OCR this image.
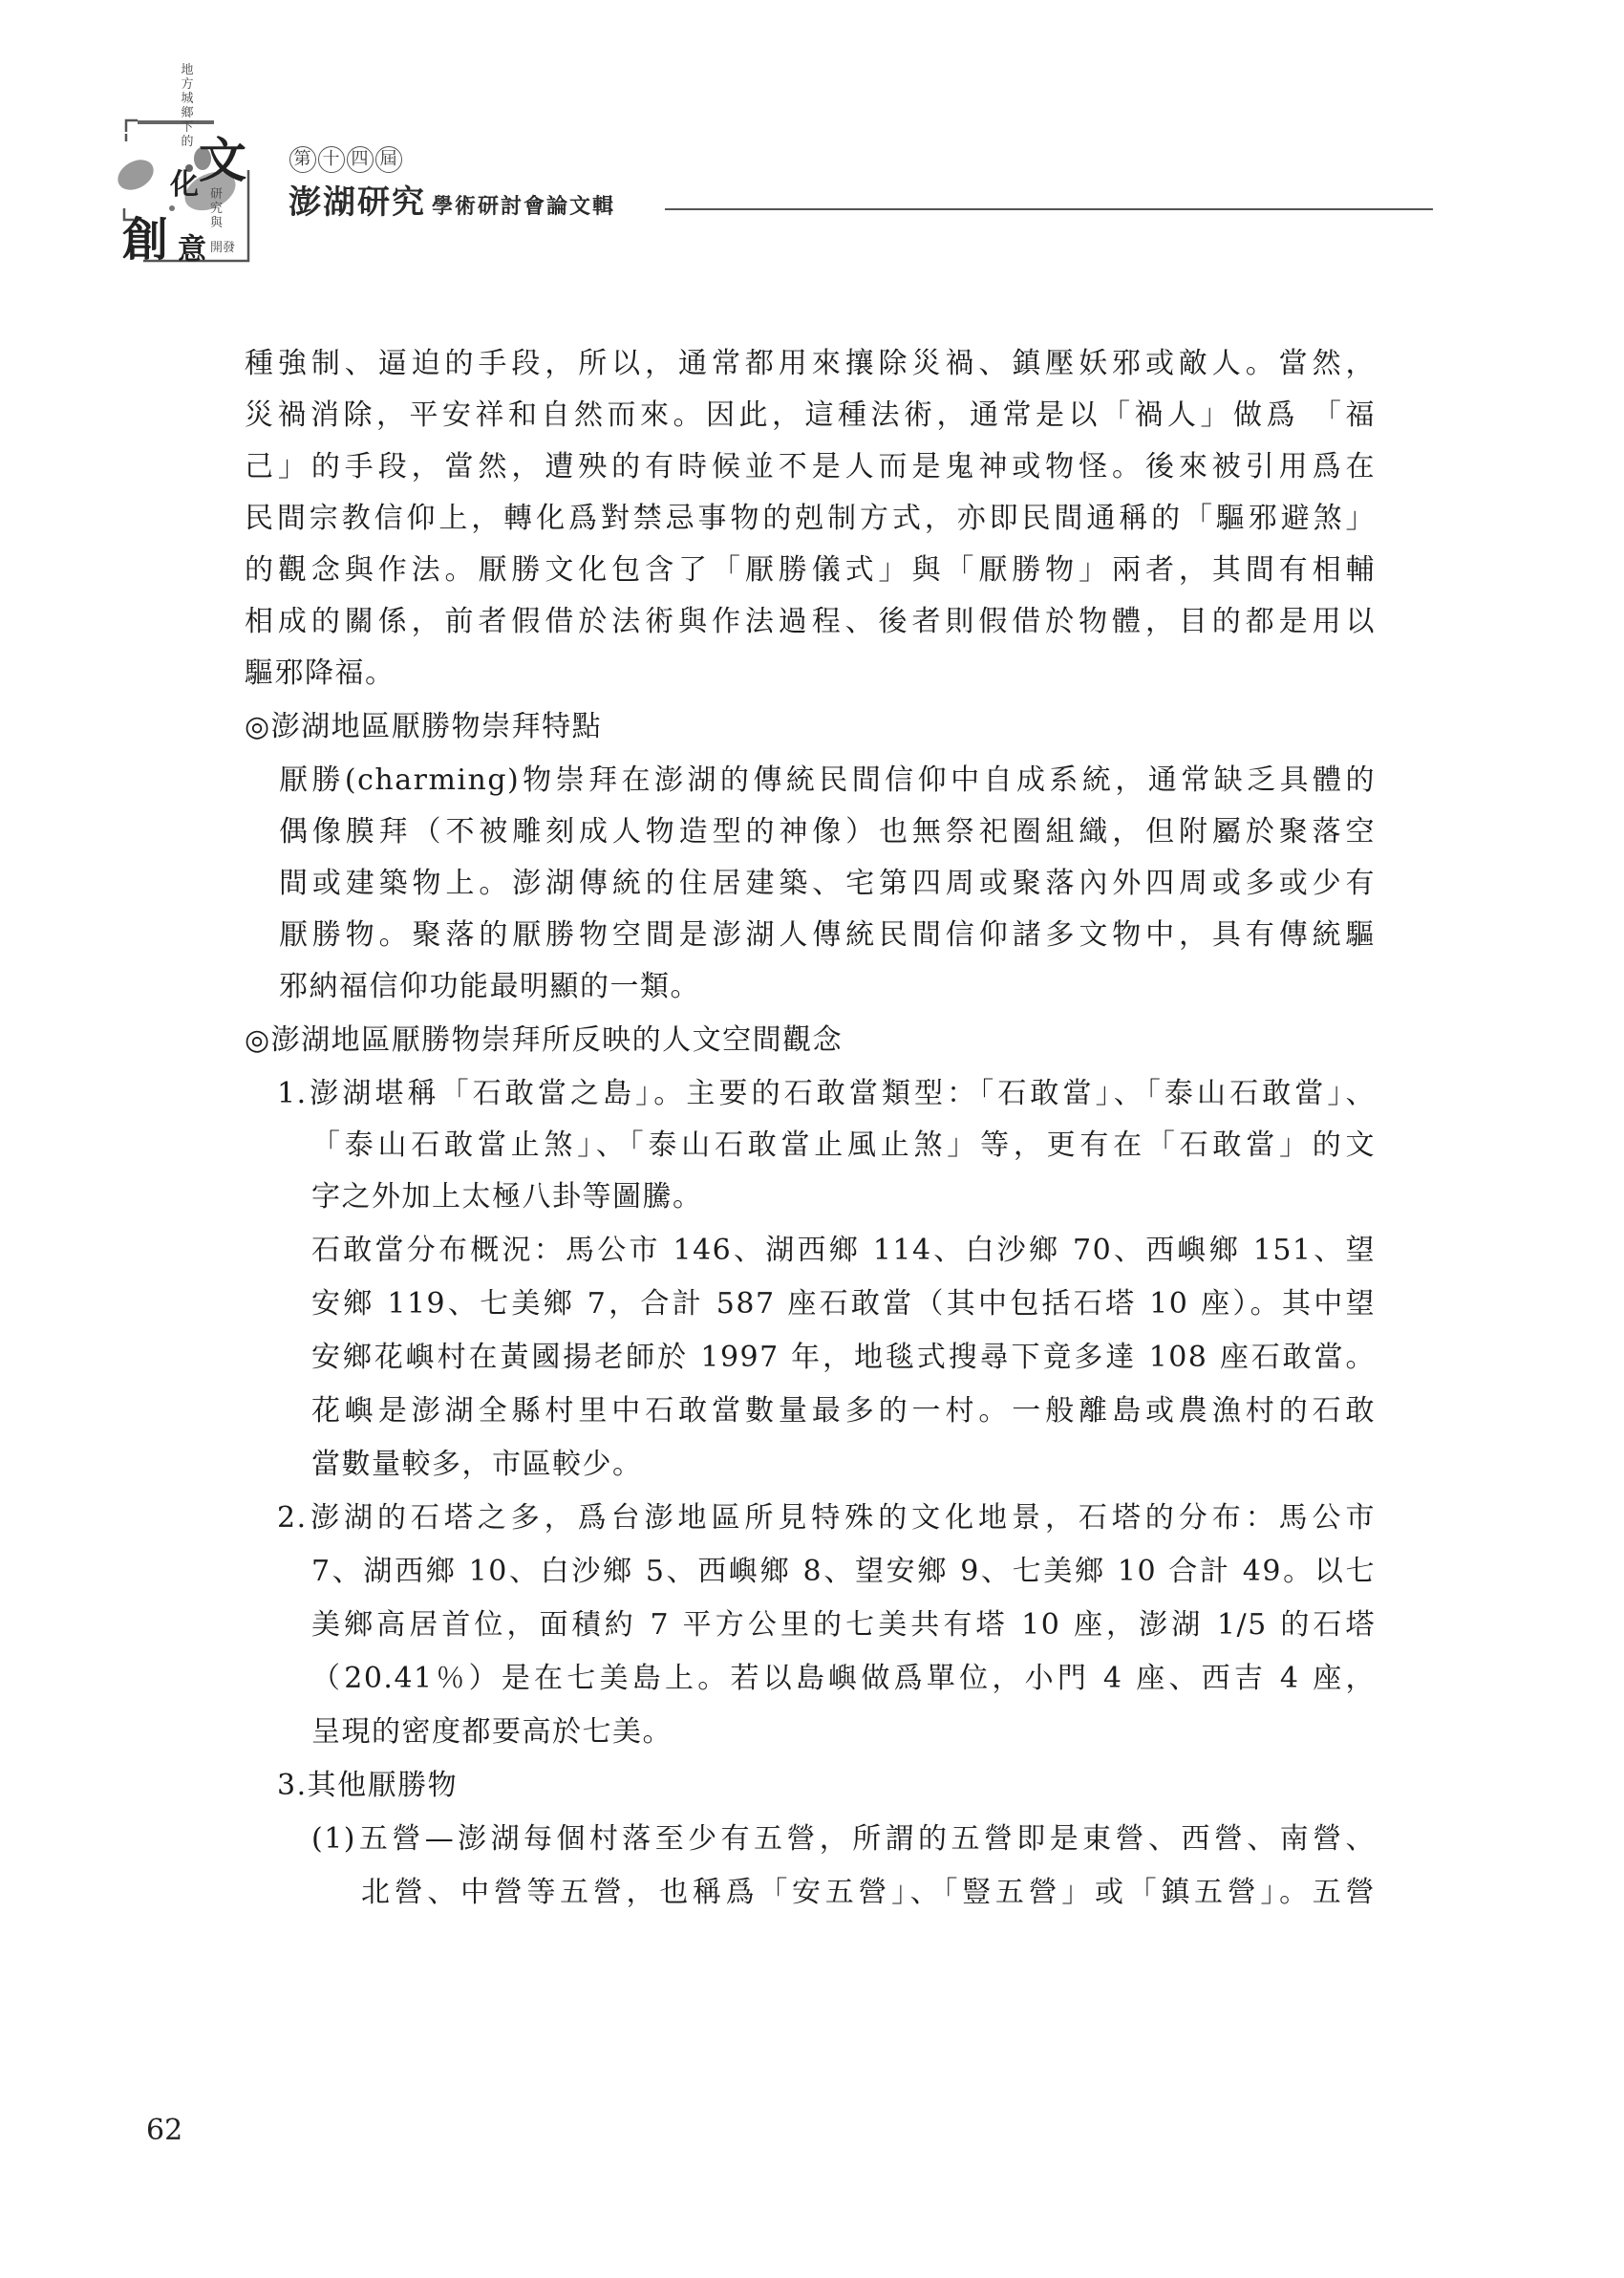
地
方
城
鄉
下
的 文
化 研
究
與
創 意 開發
第 十 四 屆
澎湖研究 學術研討會論文輯
種強制、逼迫的手段，所以，通常都用來攘除災禍、鎮壓妖邪或敵人。當然，
災禍消除，平安祥和自然而來。因此，這種法術，通常是以「禍人」做爲 「福
己」的手段，當然，遭殃的有時候並不是人而是鬼神或物怪。後來被引用爲在
民間宗教信仰上，轉化爲對禁忌事物的剋制方式，亦即民間通稱的「驅邪避煞」
的觀念與作法。厭勝文化包含了「厭勝儀式」與「厭勝物」兩者，其間有相輔
相成的關係，前者假借於法術與作法過程、後者則假借於物體，目的都是用以
驅邪降福。
◎澎湖地區厭勝物崇拜特點
厭勝(charming)物崇拜在澎湖的傳統民間信仰中自成系統，通常缺乏具體的
偶像膜拜（不被雕刻成人物造型的神像）也無祭祀圈組織，但附屬於聚落空
間或建築物上。澎湖傳統的住居建築、宅第四周或聚落內外四周或多或少有
厭勝物。聚落的厭勝物空間是澎湖人傳統民間信仰諸多文物中，具有傳統驅
邪納福信仰功能最明顯的一類。
◎澎湖地區厭勝物崇拜所反映的人文空間觀念
1.澎湖堪稱「石敢當之島」。主要的石敢當類型：「石敢當」、「泰山石敢當」、
「泰山石敢當止煞」、「泰山石敢當止風止煞」等，更有在「石敢當」的文
字之外加上太極八卦等圖騰。
石敢當分布概況：馬公市 146、湖西鄉 114、白沙鄉 70、西嶼鄉 151、望
安鄉 119、七美鄉 7，合計 587 座石敢當（其中包括石塔 10 座）。其中望
安鄉花嶼村在黃國揚老師於 1997 年，地毯式搜尋下竟多達 108 座石敢當。
花嶼是澎湖全縣村里中石敢當數量最多的一村。一般離島或農漁村的石敢
當數量較多，市區較少。
2.澎湖的石塔之多，爲台澎地區所見特殊的文化地景，石塔的分布：馬公市
7、湖西鄉 10、白沙鄉 5、西嶼鄉 8、望安鄉 9、七美鄉 10 合計 49。以七
美鄉高居首位，面積約 7 平方公里的七美共有塔 10 座，澎湖 1/5 的石塔
（20.41％）是在七美島上。若以島嶼做爲單位，小門 4 座、西吉 4 座，
呈現的密度都要高於七美。
3.其他厭勝物
(1)五營—澎湖每個村落至少有五營，所謂的五營即是東營、西營、南營、
北營、中營等五營，也稱爲「安五營」、「豎五營」或「鎮五營」。五營
62
